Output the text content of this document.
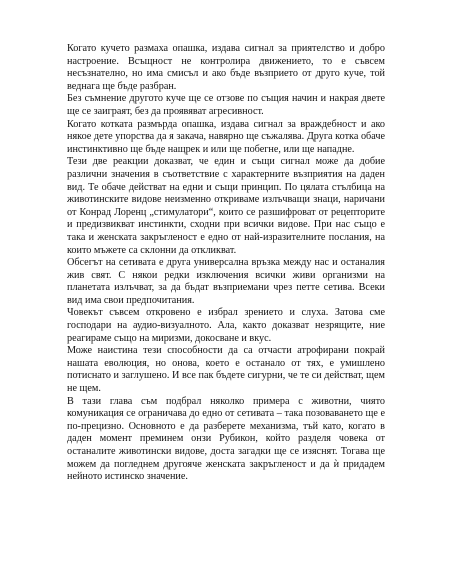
Когато кучето размаха опашка, издава сигнал за приятелство и добро настроение. Всъщност не контролира движението, то е съвсем несъзнателно, но има смисъл и ако бъде възприето от друго куче, той веднага ще бъде разбран.

Без съмнение другото куче ще се отзове по същия начин и накрая двете ще се заиграят, без да проявяват агресивност.

Когато котката размърда опашка, издава сигнал за враждебност и ако някое дете упорства да я закача, навярно ще съжалява. Друга котка обаче инстинктивно ще бъде нащрек и или ще побегне, или ще нападне.

Тези две реакции доказват, че един и същи сигнал може да добие различни значения в съответствие с характерните възприятия на даден вид. Те обаче действат на едни и същи принцип. По цялата стълбица на животинските видове неизменно откриваме излъчващи знаци, наричани от Конрад Лоренц „стимулатори“, които се разшифроват от рецепторите и предизвикват инстинкти, сходни при всички видове. При нас също е така и женската закръгленост е едно от най-изразителните послания, на които мъжете са склонни да откликват.

Обсегът на сетивата е друга универсална връзка между нас и останалия жив свят. С някои редки изключения всички живи организми на планетата излъчват, за да бъдат възприемани чрез петте сетива. Всеки вид има свои предпочитания.

Човекът съвсем откровено е избрал зрението и слуха. Затова сме господари на аудио-визуалното. Ала, както доказват незрящите, ние реагираме също на миризми, докосване и вкус.

Може наистина тези способности да са отчасти атрофирани покрай нашата еволюция, но онова, което е останало от тях, е умишлено потиснато и заглушено. И все пак бъдете сигурни, че те си действат, щем не щем.

В тази глава съм подбрал няколко примера с животни, чиято комуникация се ограничава до едно от сетивата – така позоваването ще е по-прецизно. Основното е да разберете механизма, тъй като, когато в даден момент преминем онзи Рубикон, който разделя човека от останалите животински видове, доста загадки ще се изяснят. Тогава ще можем да погледнем другояче женската закръгленост и да ѝ придадем нейното истинско значение.
